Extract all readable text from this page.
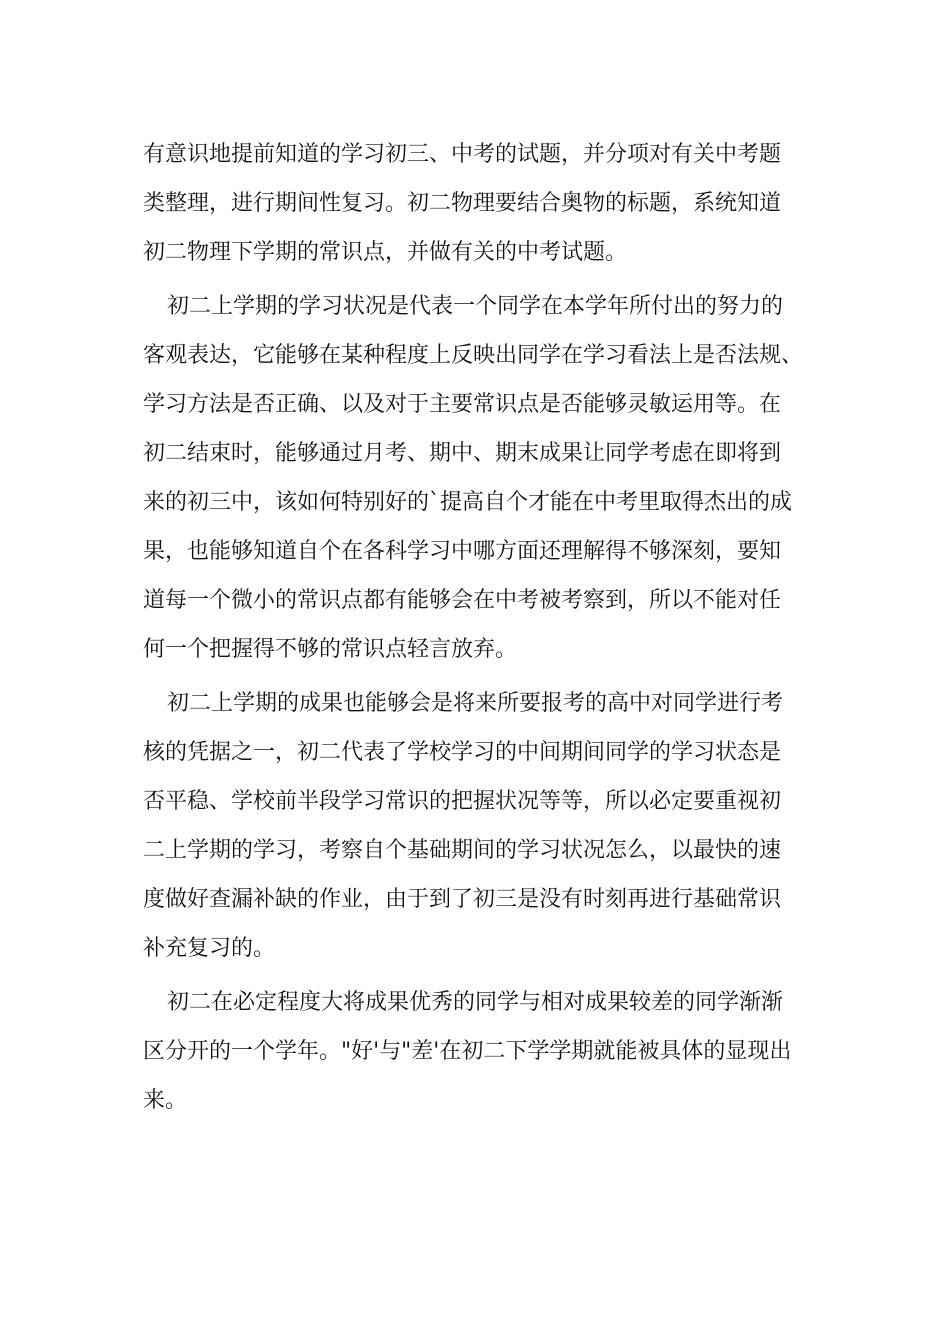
有意识地提前知道的学习初三、中考的试题，并分项对有关中考题
类整理，进行期间性复习。初二物理要结合奥物的标题，系统知道
初二物理下学期的常识点，并做有关的中考试题。
初二上学期的学习状况是代表一个同学在本学年所付出的努力的
客观表达，它能够在某种程度上反映出同学在学习看法上是否法规、
学习方法是否正确、以及对于主要常识点是否能够灵敏运用等。在
初二结束时，能够通过月考、期中、期末成果让同学考虑在即将到
来的初三中，该如何特别好的`提高自个才能在中考里取得杰出的成
果，也能够知道自个在各科学习中哪方面还理解得不够深刻，要知
道每一个微小的常识点都有能够会在中考被考察到，所以不能对任
何一个把握得不够的常识点轻言放弃。
初二上学期的成果也能够会是将来所要报考的高中对同学进行考
核的凭据之一，初二代表了学校学习的中间期间同学的学习状态是
否平稳、学校前半段学习常识的把握状况等等，所以必定要重视初
二上学期的学习，考察自个基础期间的学习状况怎么，以最快的速
度做好查漏补缺的作业，由于到了初三是没有时刻再进行基础常识
补充复习的。
初二在必定程度大将成果优秀的同学与相对成果较差的同学渐渐
区分开的一个学年。"好'与"差'在初二下学学期就能被具体的显现出
来。
